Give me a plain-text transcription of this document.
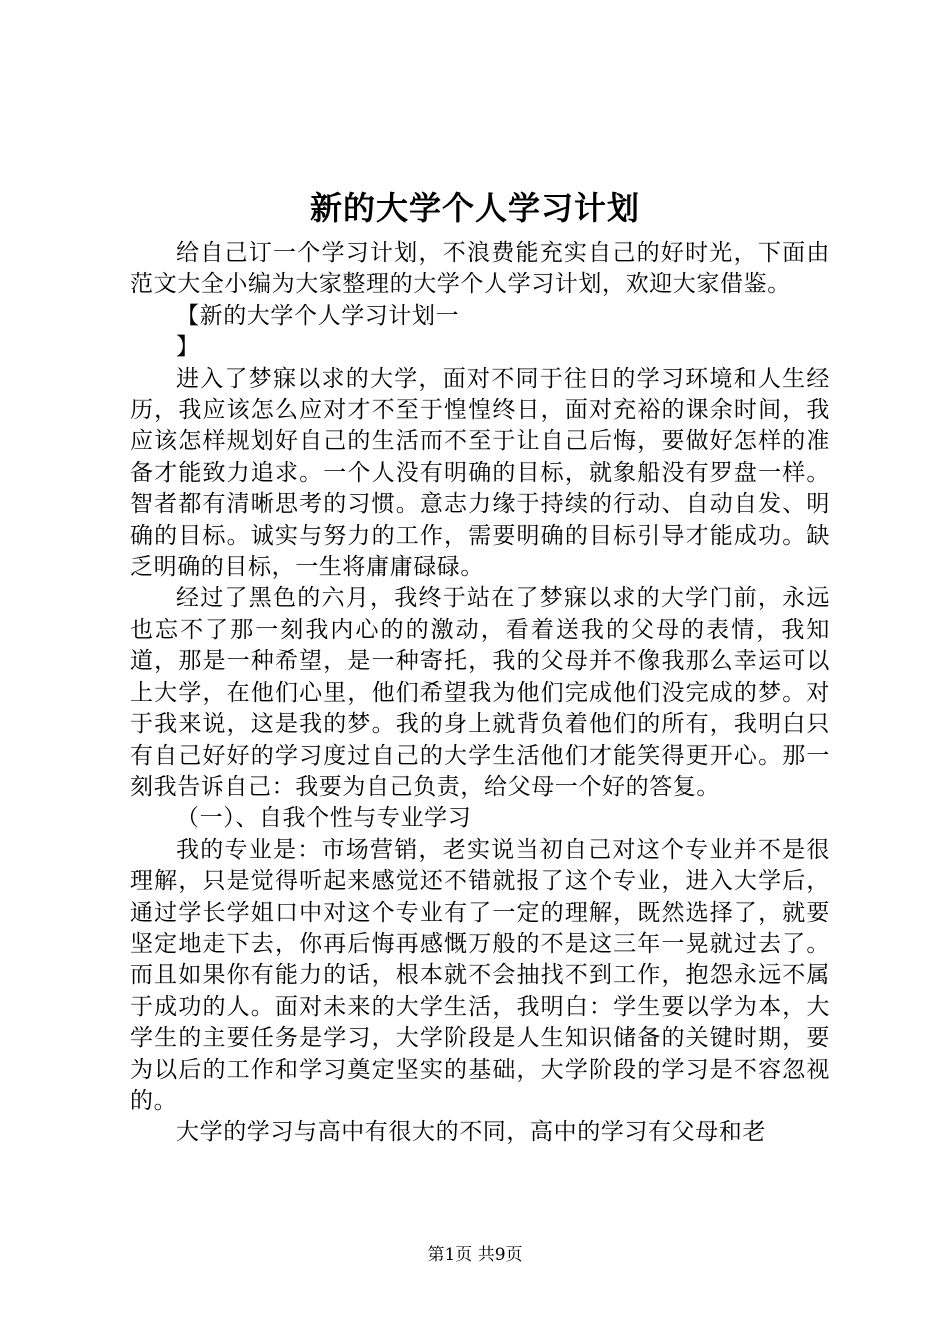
新的大学个人学习计划

给自己订一个学习计划，不浪费能充实自己的好时光，下面由范文大全小编为大家整理的大学个人学习计划，欢迎大家借鉴。

【新的大学个人学习计划一
】

进入了梦寐以求的大学，面对不同于往日的学习环境和人生经历，我应该怎么应对才不至于惶惶终日，面对充裕的课余时间，我应该怎样规划好自己的生活而不至于让自己后悔，要做好怎样的准备才能致力追求。一个人没有明确的目标，就象船没有罗盘一样。智者都有清晰思考的习惯。意志力缘于持续的行动、自动自发、明确的目标。诚实与努力的工作，需要明确的目标引导才能成功。缺乏明确的目标，一生将庸庸碌碌。

经过了黑色的六月，我终于站在了梦寐以求的大学门前，永远也忘不了那一刻我内心的的激动，看着送我的父母的表情，我知道，那是一种希望，是一种寄托，我的父母并不像我那么幸运可以上大学，在他们心里，他们希望我为他们完成他们没完成的梦。对于我来说，这是我的梦。我的身上就背负着他们的所有，我明白只有自己好好的学习度过自己的大学生活他们才能笑得更开心。那一刻我告诉自己：我要为自己负责，给父母一个好的答复。

（一）、自我个性与专业学习

我的专业是：市场营销，老实说当初自己对这个专业并不是很理解，只是觉得听起来感觉还不错就报了这个专业，进入大学后，通过学长学姐口中对这个专业有了一定的理解，既然选择了，就要坚定地走下去，你再后悔再感慨万般的不是这三年一晃就过去了。而且如果你有能力的话，根本就不会抽找不到工作，抱怨永远不属于成功的人。面对未来的大学生活，我明白：学生要以学为本，大学生的主要任务是学习，大学阶段是人生知识储备的关键时期，要为以后的工作和学习奠定坚实的基础，大学阶段的学习是不容忽视的。

大学的学习与高中有很大的不同，高中的学习有父母和老

第1页 共9页
